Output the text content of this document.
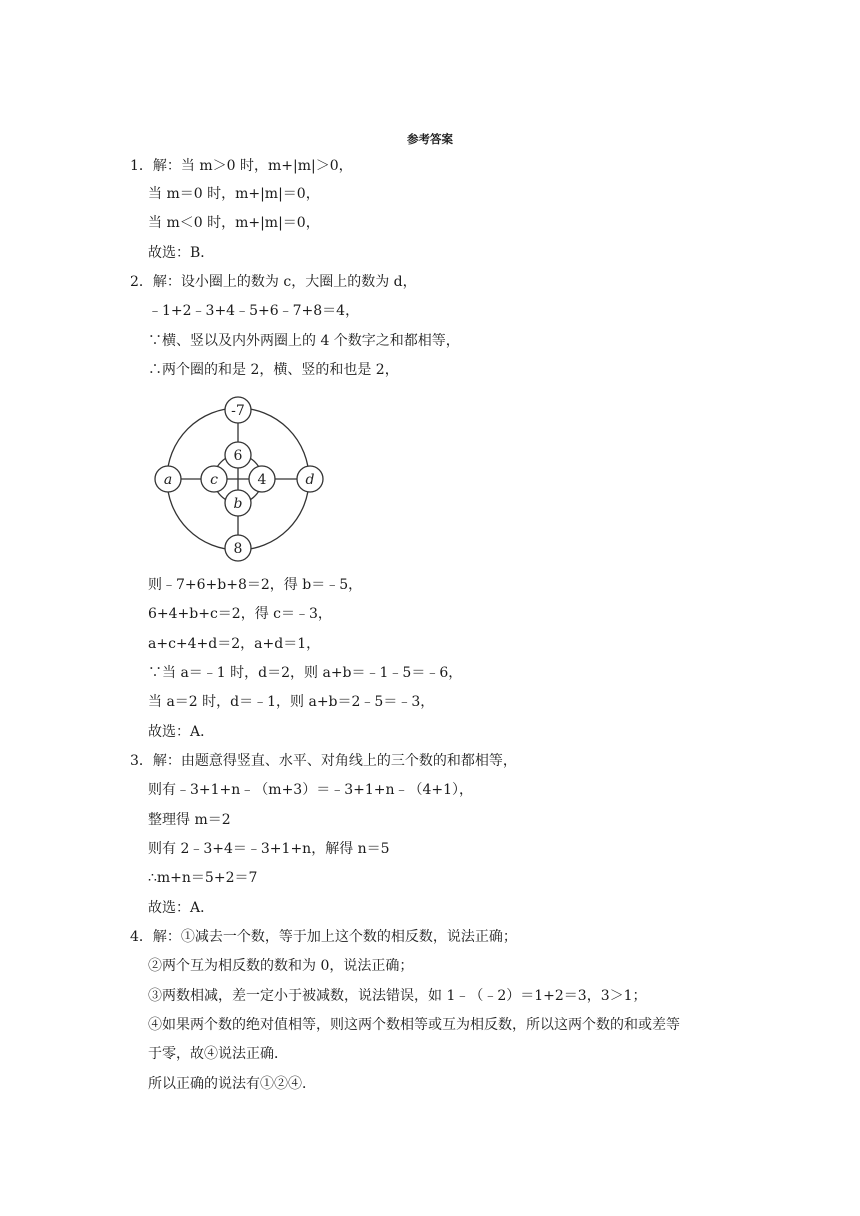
参考答案
1．解：当 m＞0 时，m+|m|＞0，
当 m＝0 时，m+|m|＝0，
当 m＜0 时，m+|m|＝0，
故选：B．
2．解：设小圈上的数为 c，大圈上的数为 d，
﹣1+2﹣3+4﹣5+6﹣7+8＝4，
∵横、竖以及内外两圈上的 4 个数字之和都相等，
∴两个圈的和是 2，横、竖的和也是 2，
-7
6
a	c	4	d
b
8
则﹣7+6+b+8＝2，得 b＝﹣5，
6+4+b+c＝2，得 c＝﹣3，
a+c+4+d＝2，a+d＝1，
∵当 a＝﹣1 时，d＝2，则 a+b＝﹣1﹣5＝﹣6，
当 a＝2 时，d＝﹣1，则 a+b＝2﹣5＝﹣3，
故选：A．
3．解：由题意得竖直、水平、对角线上的三个数的和都相等，
则有﹣3+1+n﹣（m+3）＝﹣3+1+n﹣（4+1），
整理得 m＝2
则有 2﹣3+4＝﹣3+1+n，解得 n＝5
∴m+n＝5+2＝7
故选：A．
4．解：①减去一个数，等于加上这个数的相反数，说法正确；
②两个互为相反数的数和为 0，说法正确；
③两数相减，差一定小于被减数，说法错误，如 1﹣（﹣2）＝1+2＝3，3＞1；
④如果两个数的绝对值相等，则这两个数相等或互为相反数，所以这两个数的和或差等
于零，故④说法正确．
所以正确的说法有①②④．
